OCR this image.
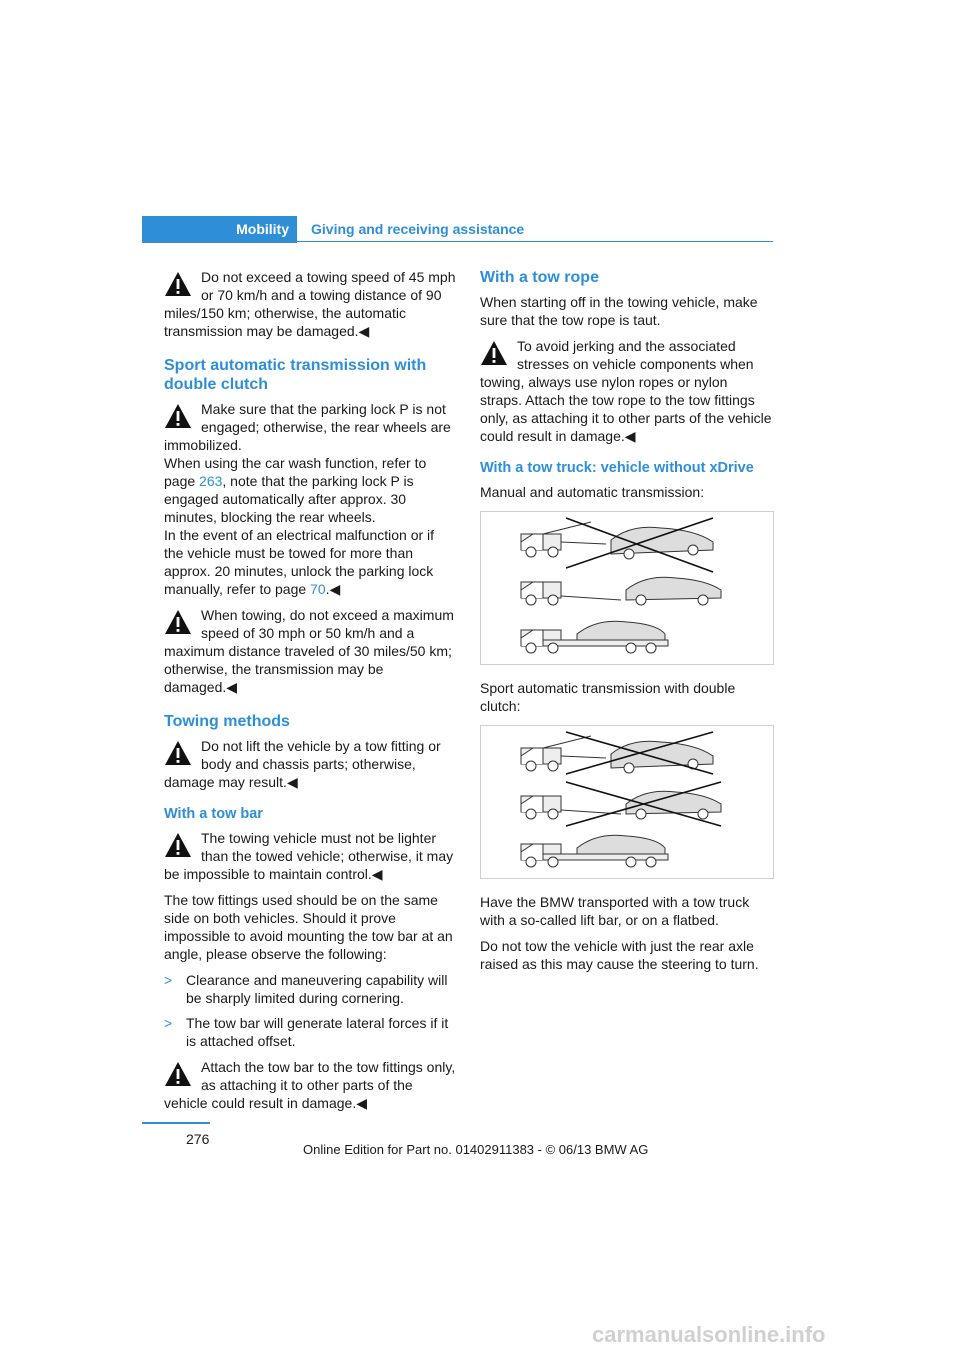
Mobility	Giving and receiving assistance
Do not exceed a towing speed of 45 mph or 70 km/h and a towing distance of 90 miles/150 km; otherwise, the automatic transmission may be damaged.◀
Sport automatic transmission with double clutch
Make sure that the parking lock P is not engaged; otherwise, the rear wheels are immobilized.
When using the car wash function, refer to page 263, note that the parking lock P is engaged automatically after approx. 30 minutes, blocking the rear wheels.
In the event of an electrical malfunction or if the vehicle must be towed for more than approx. 20 minutes, unlock the parking lock manually, refer to page 70.◀
When towing, do not exceed a maximum speed of 30 mph or 50 km/h and a maximum distance traveled of 30 miles/50 km; otherwise, the transmission may be damaged.◀
Towing methods
Do not lift the vehicle by a tow fitting or body and chassis parts; otherwise, damage may result.◀
With a tow bar
The towing vehicle must not be lighter than the towed vehicle; otherwise, it may be impossible to maintain control.◀

The tow fittings used should be on the same side on both vehicles. Should it prove impossible to avoid mounting the tow bar at an angle, please observe the following:

> Clearance and maneuvering capability will be sharply limited during cornering.
> The tow bar will generate lateral forces if it is attached offset.
Attach the tow bar to the tow fittings only, as attaching it to other parts of the vehicle could result in damage.◀
With a tow rope

When starting off in the towing vehicle, make sure that the tow rope is taut.

To avoid jerking and the associated stresses on vehicle components when towing, always use nylon ropes or nylon straps. Attach the tow rope to the tow fittings only, as attaching it to other parts of the vehicle could result in damage.◀
With a tow truck: vehicle without xDrive

Manual and automatic transmission:

Sport automatic transmission with double clutch:

Have the BMW transported with a tow truck with a so-called lift bar, or on a flatbed.

Do not tow the vehicle with just the rear axle raised as this may cause the steering to turn.

276
Online Edition for Part no. 01402911383 - © 06/13 BMW AG
carmanualsonline.info
